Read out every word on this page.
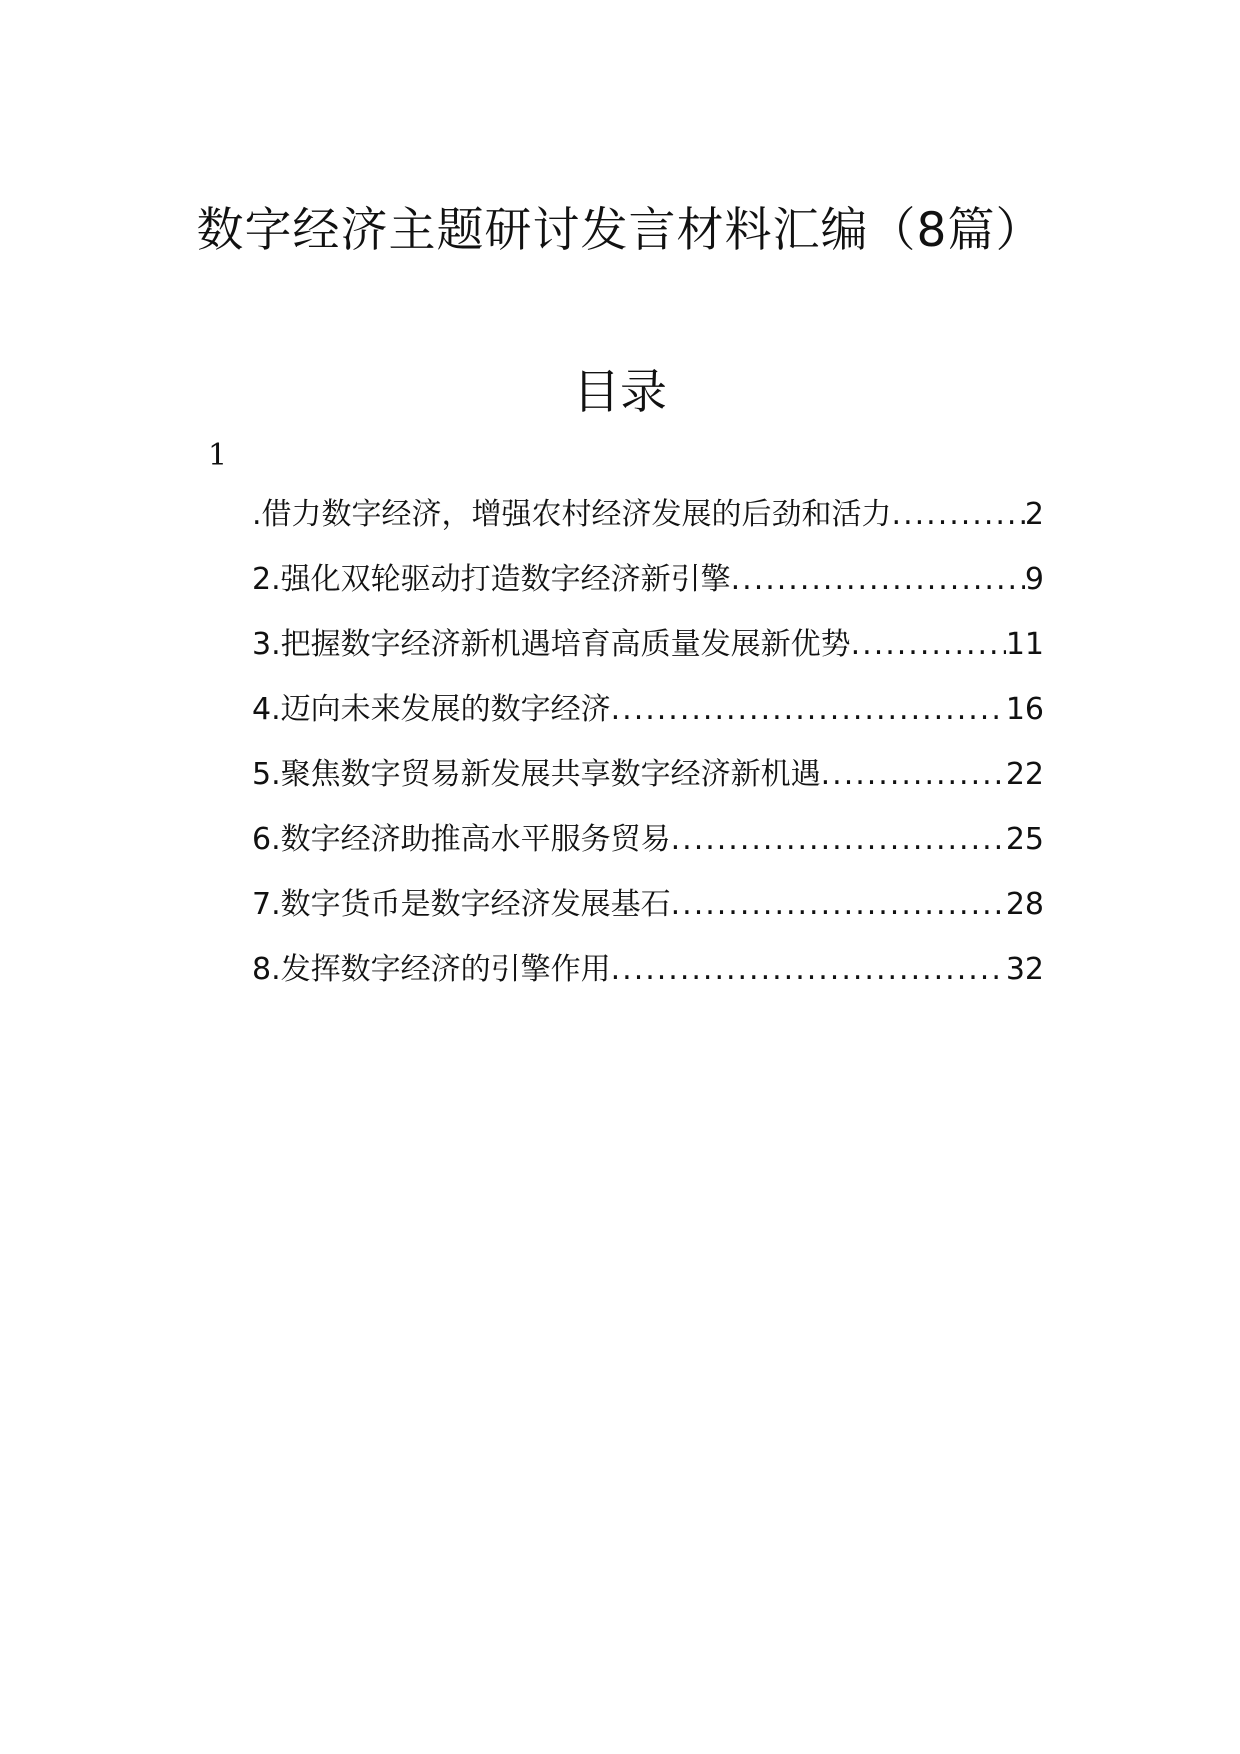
数字经济主题研讨发言材料汇编（8篇）
目录
1
.借力数字经济，增强农村经济发展的后劲和活力 .....	2
2.强化双轮驱动打造数字经济新引擎 .....	9
3.把握数字经济新机遇培育高质量发展新优势 .....	11
4.迈向未来发展的数字经济 .....	16
5.聚焦数字贸易新发展共享数字经济新机遇 .....	22
6.数字经济助推高水平服务贸易 .....	25
7.数字货币是数字经济发展基石 .....	28
8.发挥数字经济的引擎作用 .....	32
